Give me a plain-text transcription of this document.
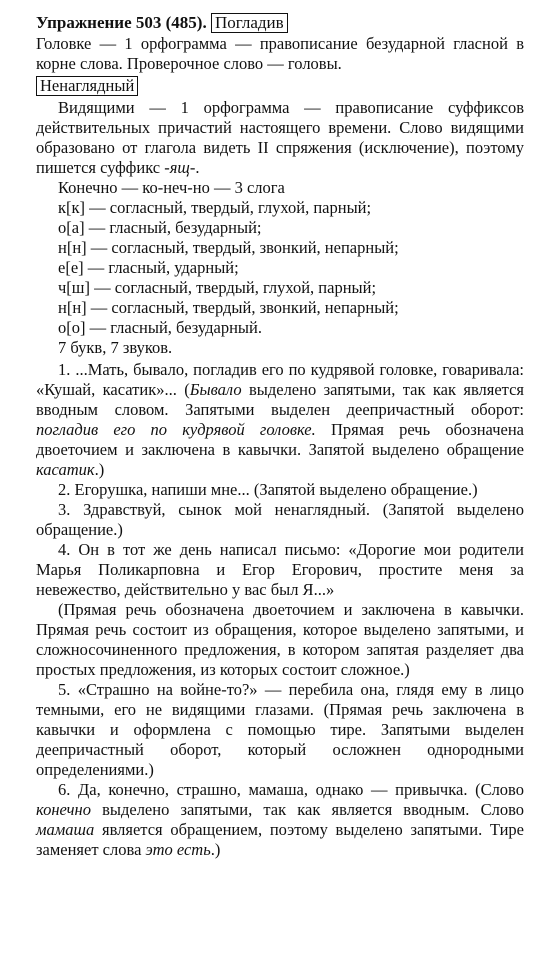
Упражнение 503 (485). Погладив

Головке — 1 орфограмма — правописание безударной гласной в корне слова. Проверочное слово — головы.

Ненаглядный

Видящими — 1 орфограмма — правописание суффиксов действительных причастий настоящего времени. Слово видящими образовано от глагола видеть II спряжения (исключение), поэтому пишется суффикс -ящ-.

Конечно — ко-неч-но — 3 слога

к[к] — согласный, твердый, глухой, парный;

о[а] — гласный, безударный;

н[н] — согласный, твердый, звонкий, непарный;

е[е] — гласный, ударный;

ч[ш] — согласный, твердый, глухой, парный;

н[н] — согласный, твердый, звонкий, непарный;

о[о] — гласный, безударный.

7 букв, 7 звуков.

1. ...Мать, бывало, погладив его по кудрявой головке, говаривала: «Кушай, касатик»... (Бывало выделено запятыми, так как является вводным словом. Запятыми выделен деепричастный оборот: погладив его по кудрявой головке. Прямая речь обозначена двоеточием и заключена в кавычки. Запятой выделено обращение касатик.)

2. Егорушка, напиши мне... (Запятой выделено обращение.)

3. Здравствуй, сынок мой ненаглядный. (Запятой выделено обращение.)

4. Он в тот же день написал письмо: «Дорогие мои родители Марья Поликарповна и Егор Егорович, простите меня за невежество, действительно у вас был Я...»

(Прямая речь обозначена двоеточием и заключена в кавычки. Прямая речь состоит из обращения, которое выделено запятыми, и сложносочиненного предложения, в котором запятая разделяет два простых предложения, из которых состоит сложное.)

5. «Страшно на войне-то?» — перебила она, глядя ему в лицо темными, его не видящими глазами. (Прямая речь заключена в кавычки и оформлена с помощью тире. Запятыми выделен деепричастный оборот, который осложнен однородными определениями.)

6. Да, конечно, страшно, мамаша, однако — привычка. (Слово конечно выделено запятыми, так как является вводным. Слово мамаша является обращением, поэтому выделено запятыми. Тире заменяет слова это есть.)
